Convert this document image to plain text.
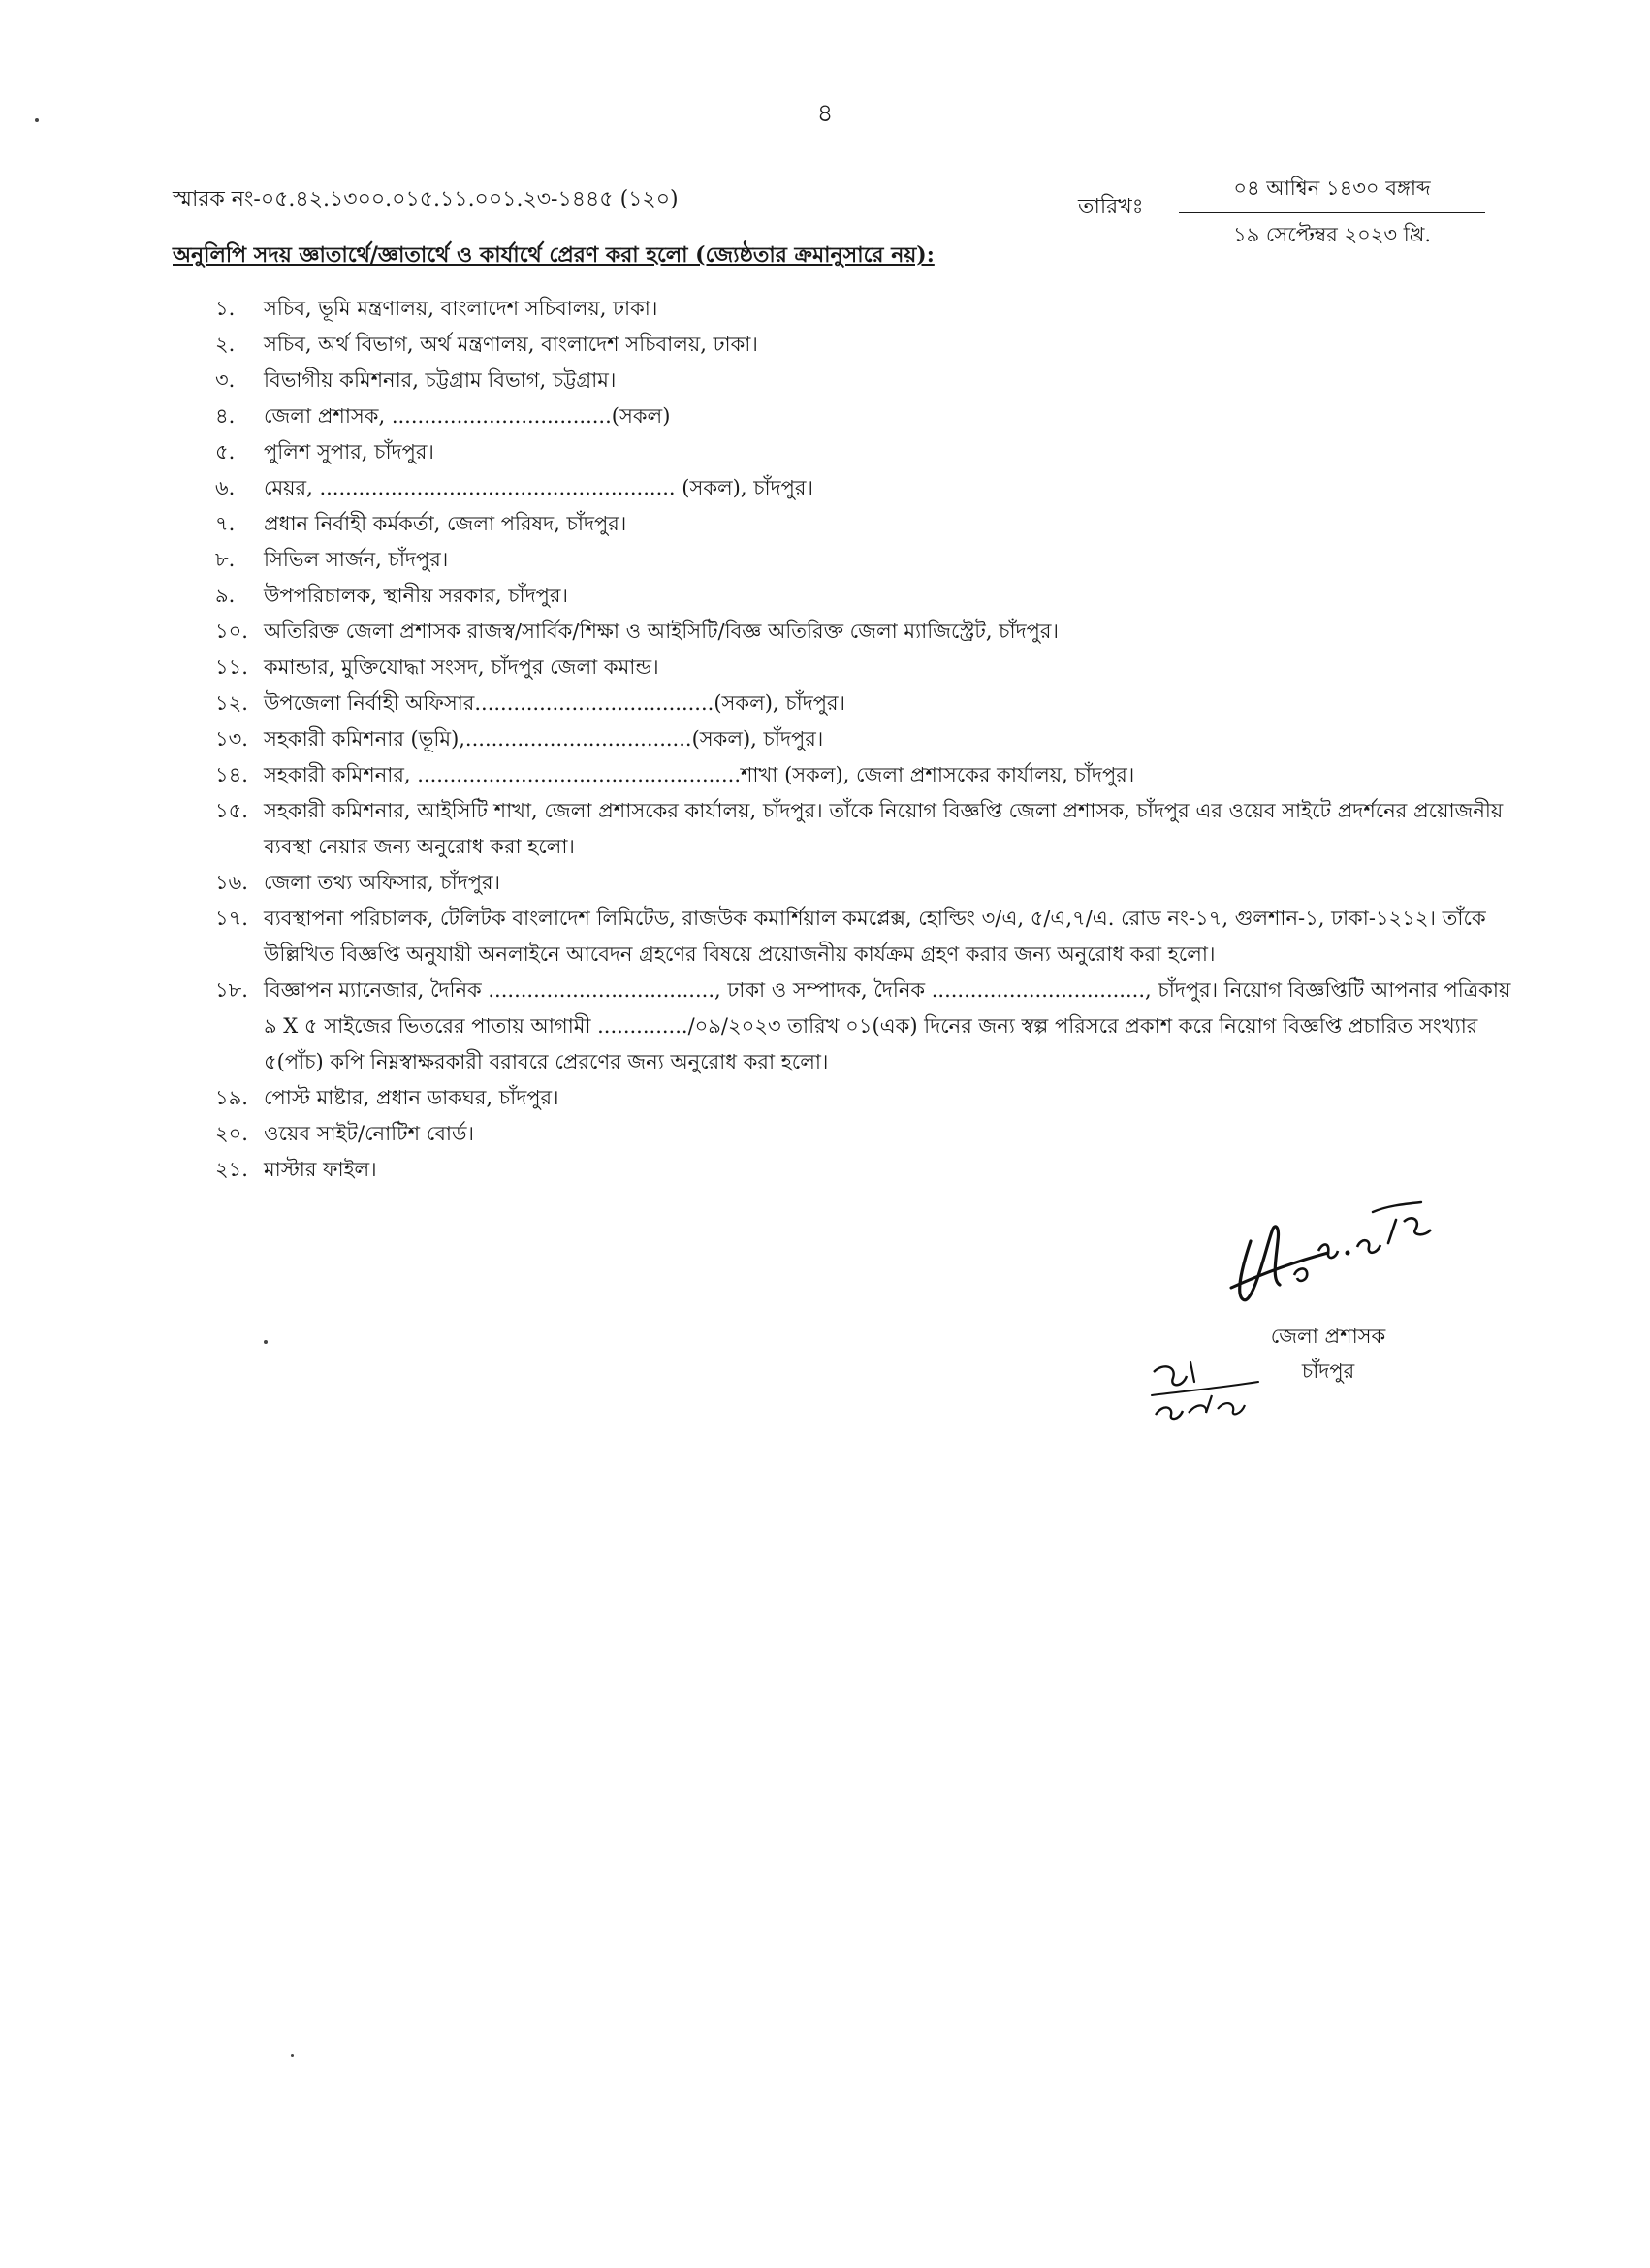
৪
স্মারক নং-০৫.৪২.১৩০০.০১৫.১১.০০১.২৩-১৪৪৫ (১২০)	তারিখঃ
০৪ আশ্বিন ১৪৩০ বঙ্গাব্দ
১৯ সেপ্টেম্বর ২০২৩ খ্রি.
অনুলিপি সদয় জ্ঞাতার্থে/জ্ঞাতার্থে ও কার্যার্থে প্রেরণ করা হলো (জ্যেষ্ঠতার ক্রমানুসারে নয়):
১.	সচিব, ভূমি মন্ত্রণালয়, বাংলাদেশ সচিবালয়, ঢাকা।
২.	সচিব, অর্থ বিভাগ, অর্থ মন্ত্রণালয়, বাংলাদেশ সচিবালয়, ঢাকা।
৩.	বিভাগীয় কমিশনার, চট্টগ্রাম বিভাগ, চট্টগ্রাম।
৪.	জেলা প্রশাসক, ..................................(সকল)
৫.	পুলিশ সুপার, চাঁদপুর।
৬.	মেয়র, ....................................................... (সকল), চাঁদপুর।
৭.	প্রধান নির্বাহী কর্মকর্তা, জেলা পরিষদ, চাঁদপুর।
৮.	সিভিল সার্জন, চাঁদপুর।
৯.	উপপরিচালক, স্থানীয় সরকার, চাঁদপুর।
১০. অতিরিক্ত জেলা প্রশাসক রাজস্ব/সার্বিক/শিক্ষা ও আইসিটি/বিজ্ঞ অতিরিক্ত জেলা ম্যাজিস্ট্রেট, চাঁদপুর।
১১. কমান্ডার, মুক্তিযোদ্ধা সংসদ, চাঁদপুর জেলা কমান্ড।
১২. উপজেলা নির্বাহী অফিসার.....................................(সকল), চাঁদপুর।
১৩. সহকারী কমিশনার (ভূমি),...................................(সকল), চাঁদপুর।
১৪. সহকারী কমিশনার, ..................................................শাখা (সকল), জেলা প্রশাসকের কার্যালয়, চাঁদপুর।
১৫. সহকারী কমিশনার, আইসিটি শাখা, জেলা প্রশাসকের কার্যালয়, চাঁদপুর। তাঁকে নিয়োগ বিজ্ঞপ্তি জেলা প্রশাসক, চাঁদপুর এর ওয়েব সাইটে প্রদর্শনের প্রয়োজনীয় ব্যবস্থা নেয়ার জন্য অনুরোধ করা হলো।
১৬. জেলা তথ্য অফিসার, চাঁদপুর।
১৭. ব্যবস্থাপনা পরিচালক, টেলিটক বাংলাদেশ লিমিটেড, রাজউক কমার্শিয়াল কমপ্লেক্স, হোল্ডিং ৩/এ, ৫/এ,৭/এ. রোড নং-১৭, গুলশান-১, ঢাকা-১২১২। তাঁকে উল্লিখিত বিজ্ঞপ্তি অনুযায়ী অনলাইনে আবেদন গ্রহণের বিষয়ে প্রয়োজনীয় কার্যক্রম গ্রহণ করার জন্য অনুরোধ করা হলো।
১৮. বিজ্ঞাপন ম্যানেজার, দৈনিক ..................................., ঢাকা ও সম্পাদক, দৈনিক ................................., চাঁদপুর। নিয়োগ বিজ্ঞপ্তিটি আপনার পত্রিকায় ৯ X ৫ সাইজের ভিতরের পাতায় আগামী ............../০৯/২০২৩ তারিখ ০১(এক) দিনের জন্য স্বল্প পরিসরে প্রকাশ করে নিয়োগ বিজ্ঞপ্তি প্রচারিত সংখ্যার ৫(পাঁচ) কপি নিম্নস্বাক্ষরকারী বরাবরে প্রেরণের জন্য অনুরোধ করা হলো।
১৯. পোস্ট মাষ্টার, প্রধান ডাকঘর, চাঁদপুর।
২০. ওয়েব সাইট/নোটিশ বোর্ড।
২১. মাস্টার ফাইল।
জেলা প্রশাসক
চাঁদপুর
